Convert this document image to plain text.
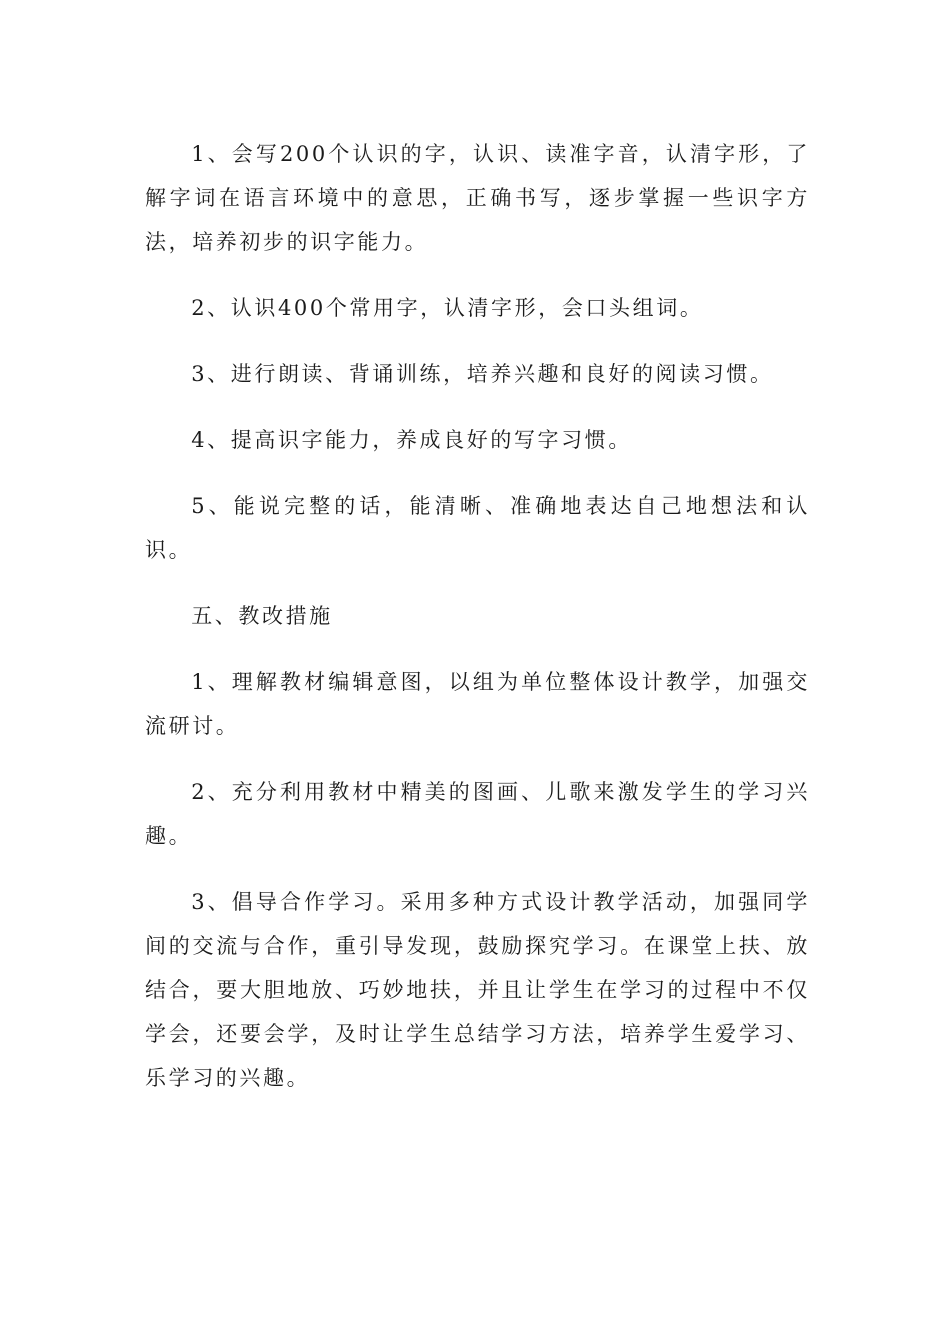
1、会写200个认识的字，认识、读准字音，认清字形，了解字词在语言环境中的意思，正确书写，逐步掌握一些识字方法，培养初步的识字能力。

2、认识400个常用字，认清字形，会口头组词。

3、进行朗读、背诵训练，培养兴趣和良好的阅读习惯。

4、提高识字能力，养成良好的写字习惯。

5、能说完整的话，能清晰、准确地表达自己地想法和认识。

五、教改措施

1、理解教材编辑意图，以组为单位整体设计教学，加强交流研讨。

2、充分利用教材中精美的图画、儿歌来激发学生的学习兴趣。

3、倡导合作学习。采用多种方式设计教学活动，加强同学间的交流与合作，重引导发现，鼓励探究学习。在课堂上扶、放结合，要大胆地放、巧妙地扶，并且让学生在学习的过程中不仅学会，还要会学，及时让学生总结学习方法，培养学生爱学习、乐学习的兴趣。
